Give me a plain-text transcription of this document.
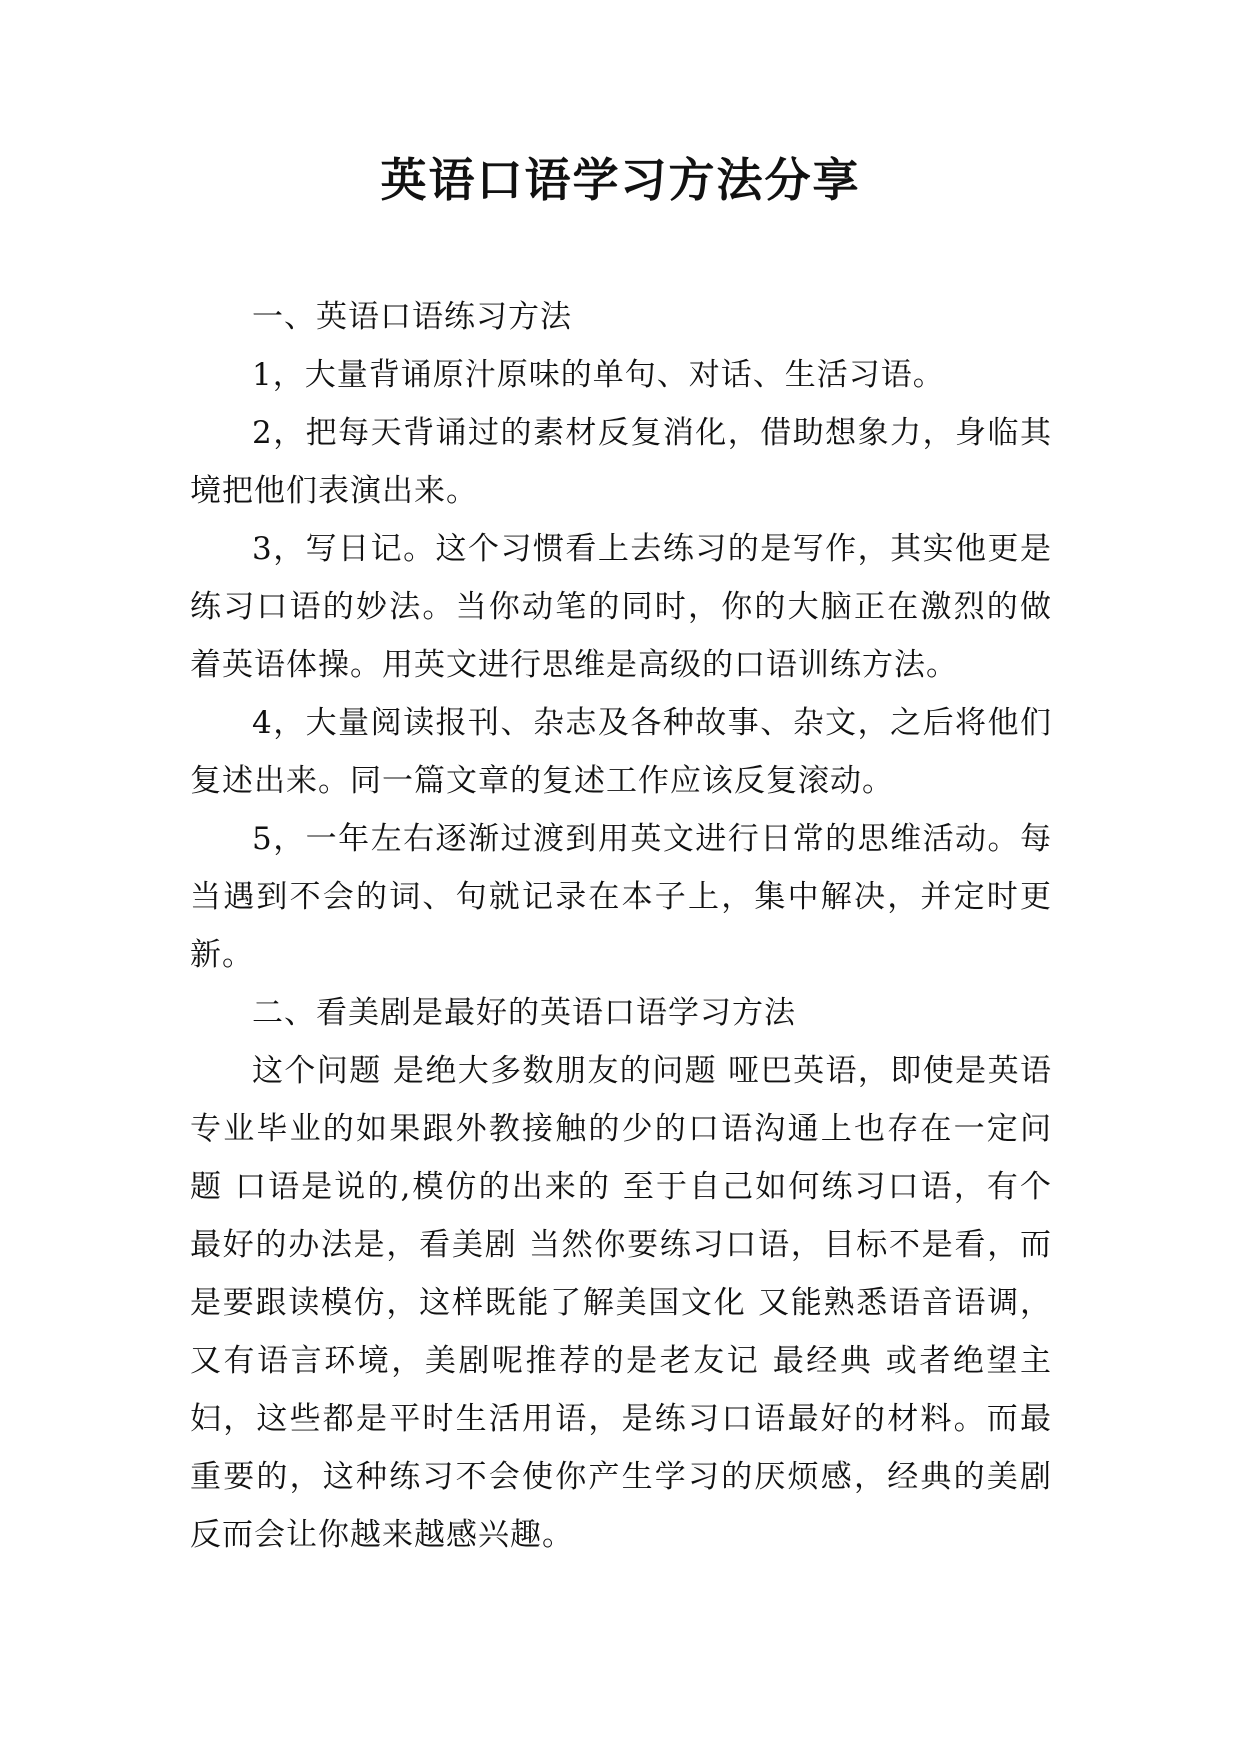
英语口语学习方法分享

一、英语口语练习方法

1，大量背诵原汁原味的单句、对话、生活习语。

2，把每天背诵过的素材反复消化，借助想象力，身临其境把他们表演出来。

3，写日记。这个习惯看上去练习的是写作，其实他更是练习口语的妙法。当你动笔的同时，你的大脑正在激烈的做着英语体操。用英文进行思维是高级的口语训练方法。

4，大量阅读报刊、杂志及各种故事、杂文，之后将他们复述出来。同一篇文章的复述工作应该反复滚动。

5，一年左右逐渐过渡到用英文进行日常的思维活动。每当遇到不会的词、句就记录在本子上，集中解决，并定时更新。

二、看美剧是最好的英语口语学习方法

这个问题 是绝大多数朋友的问题 哑巴英语，即使是英语专业毕业的如果跟外教接触的少的口语沟通上也存在一定问题 口语是说的,模仿的出来的 至于自己如何练习口语，有个最好的办法是，看美剧 当然你要练习口语，目标不是看，而是要跟读模仿，这样既能了解美国文化 又能熟悉语音语调，又有语言环境，美剧呢推荐的是老友记 最经典 或者绝望主妇，这些都是平时生活用语，是练习口语最好的材料。而最重要的，这种练习不会使你产生学习的厌烦感，经典的美剧反而会让你越来越感兴趣。
